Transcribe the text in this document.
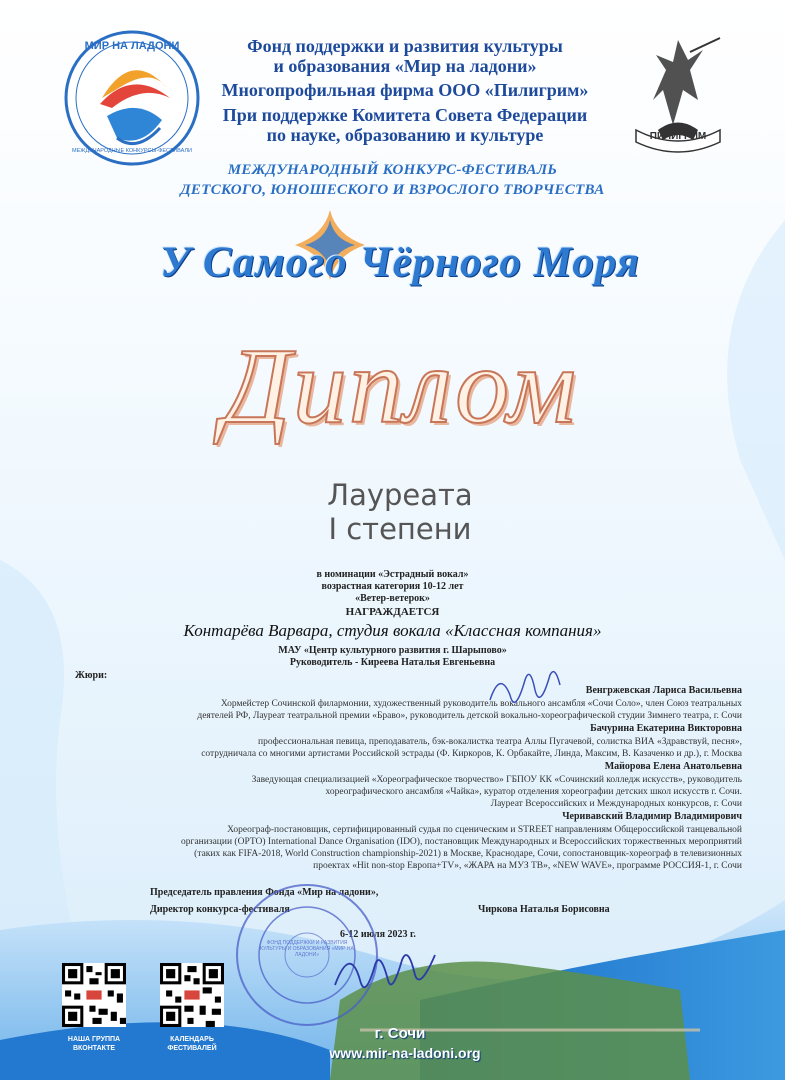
МИР НА ЛАДОНИ
МЕЖДУНАРОДНЫЕ КОНКУРСЫ-ФЕСТИВАЛИ
ПИЛИГРИМ
Фонд поддержки и развития культуры
и образования «Мир на ладони»
Многопрофильная фирма ООО «Пилигрим»
При поддержке Комитета Совета Федерации
по науке, образованию и культуре
МЕЖДУНАРОДНЫЙ КОНКУРС-ФЕСТИВАЛЬ
ДЕТСКОГО, ЮНОШЕСКОГО И ВЗРОСЛОГО ТВОРЧЕСТВА
У Самого Чёрного Моря
Диплом
Лауреата
I степени
в номинации «Эстрадный вокал»
возрастная категория 10-12 лет
«Ветер-ветерок»
НАГРАЖДАЕТСЯ
Контарёва Варвара, студия вокала «Классная компания»
МАУ «Центр культурного развития г. Шарыпово»
Руководитель - Киреева Наталья Евгеньевна
Жюри:
Венгржевская Лариса Васильевна
Хормейстер Сочинской филармонии, художественный руководитель вокального ансамбля «Сочи Соло», член Союз театральных
деятелей РФ, Лауреат театральной премии «Браво», руководитель детской вокально-хореографической студии Зимнего театра, г. Сочи
Бачурина Екатерина Викторовна
профессиональная певица, преподаватель, бэк-вокалистка театра Аллы Пугачевой, солистка ВИА «Здравствуй, песня»,
сотрудничала со многими артистами Российской эстрады (Ф. Киркоров, К. Орбакайте, Линда, Максим, В. Казаченко и др.), г. Москва
Майорова Елена Анатольевна
Заведующая специализацией «Хореографическое творчество» ГБПОУ КК «Сочинский колледж искусств», руководитель
хореографического ансамбля «Чайка», куратор отделения хореографии детских школ искусств г. Сочи.
Лауреат Всероссийских и Международных конкурсов, г. Сочи
Черивавский Владимир Владимирович
Хореограф-постановщик, сертифицированный судья по сценическим и STREET направлениям Общероссийской танцевальной
организации (ОРТО) International Dance Organisation (IDO), постановщик Международных и Всероссийских торжественных мероприятий
(таких как FIFA-2018, World Construction championship-2021) в Москве, Краснодаре, Сочи, сопостановщик-хореограф в телевизионных
проектах «Hit non-stop Европа+TV», «ЖАРА на МУЗ ТВ», «NEW WAVE», программе РОССИЯ-1, г. Сочи
Председатель правления Фонда «Мир на ладони»,
Директор конкурса-фестиваля	Чиркова Наталья Борисовна
6-12 июля 2023 г.
ФОНД ПОДДЕРЖКИ И РАЗВИТИЯ КУЛЬТУРЫ И ОБРАЗОВАНИЯ «МИР НА ЛАДОНИ»
НАША ГРУППА
ВКОНТАКТЕ
КАЛЕНДАРЬ
ФЕСТИВАЛЕЙ
г. Сочи
www.mir-na-ladoni.org
